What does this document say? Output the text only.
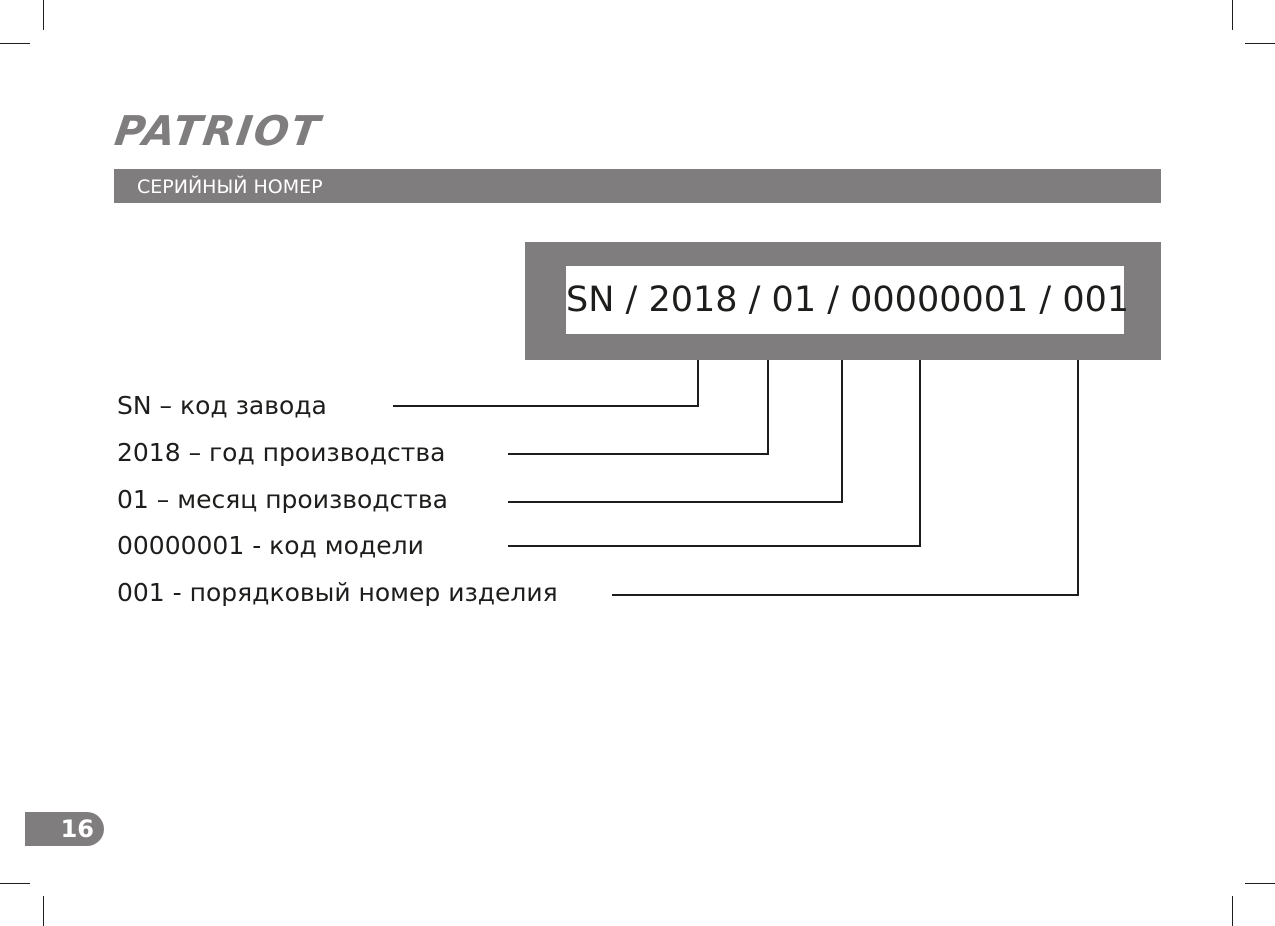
PATRIOT
СЕРИЙНЫЙ НОМЕР
SN / 2018 / 01 / 00000001 / 001
SN – код завода
2018 – год производства
01 – месяц производства
00000001 - код модели
001 - порядковый номер изделия
16
